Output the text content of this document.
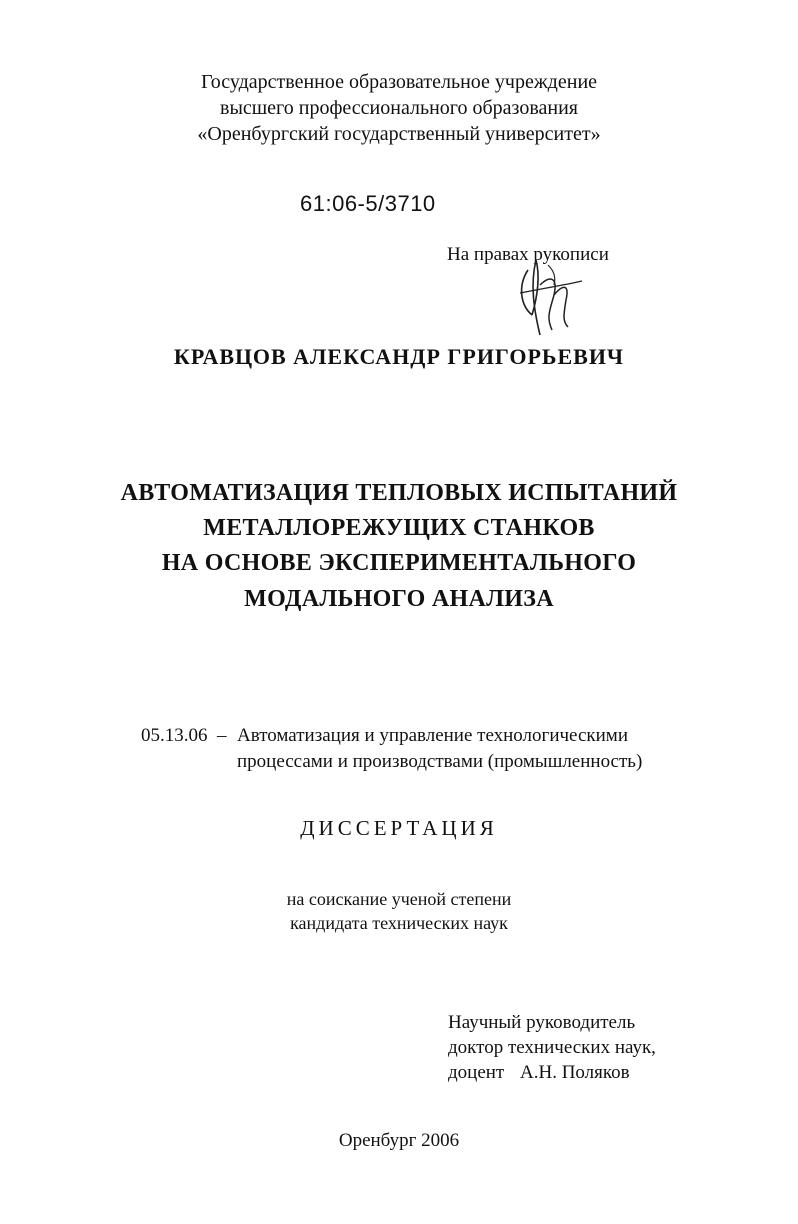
Государственное образовательное учреждение
высшего профессионального образования
«Оренбургский государственный университет»
61:06-5/3710
На правах рукописи
КРАВЦОВ АЛЕКСАНДР ГРИГОРЬЕВИЧ
АВТОМАТИЗАЦИЯ ТЕПЛОВЫХ ИСПЫТАНИЙ
МЕТАЛЛОРЕЖУЩИХ СТАНКОВ
НА ОСНОВЕ ЭКСПЕРИМЕНТАЛЬНОГО
МОДАЛЬНОГО АНАЛИЗА
05.13.06 – Автоматизация и управление технологическими
процессами и производствами (промышленность)
ДИССЕРТАЦИЯ
на соискание ученой степени
кандидата технических наук
Научный руководитель
доктор технических наук,
доцент А.Н. Поляков
Оренбург 2006
